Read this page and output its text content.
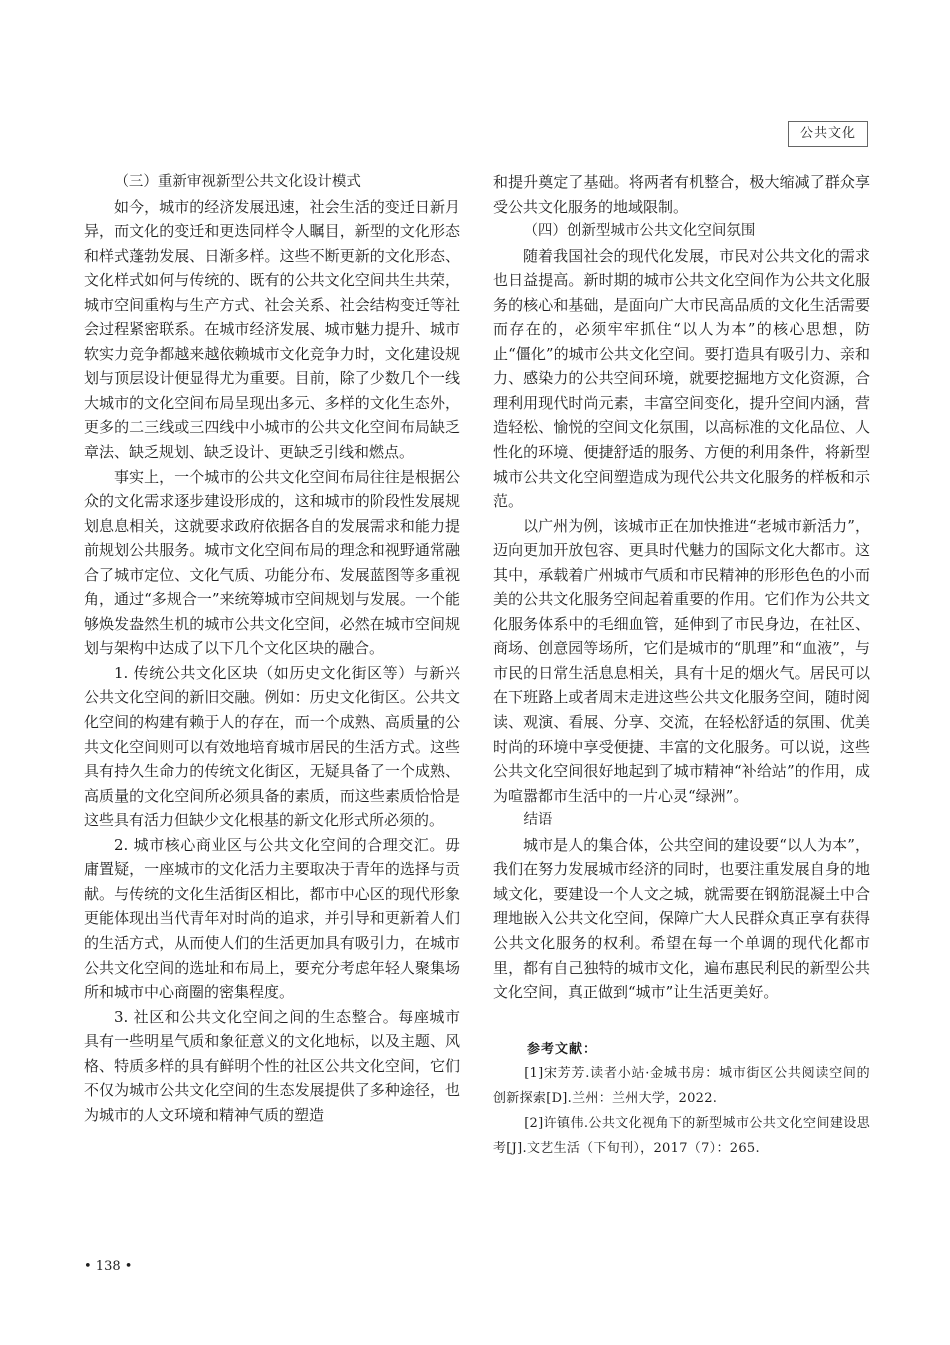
公共文化

（三）重新审视新型公共文化设计模式

如今，城市的经济发展迅速，社会生活的变迁日新月异，而文化的变迁和更迭同样令人瞩目，新型的文化形态和样式蓬勃发展、日渐多样。这些不断更新的文化形态、文化样式如何与传统的、既有的公共文化空间共生共荣，城市空间重构与生产方式、社会关系、社会结构变迁等社会过程紧密联系。在城市经济发展、城市魅力提升、城市软实力竞争都越来越依赖城市文化竞争力时，文化建设规划与顶层设计便显得尤为重要。目前，除了少数几个一线大城市的文化空间布局呈现出多元、多样的文化生态外，更多的二三线或三四线中小城市的公共文化空间布局缺乏章法、缺乏规划、缺乏设计、更缺乏引线和燃点。

事实上，一个城市的公共文化空间布局往往是根据公众的文化需求逐步建设形成的，这和城市的阶段性发展规划息息相关，这就要求政府依据各自的发展需求和能力提前规划公共服务。城市文化空间布局的理念和视野通常融合了城市定位、文化气质、功能分布、发展蓝图等多重视角，通过“多规合一”来统筹城市空间规划与发展。一个能够焕发盎然生机的城市公共文化空间，必然在城市空间规划与架构中达成了以下几个文化区块的融合。

1. 传统公共文化区块（如历史文化街区等）与新兴公共文化空间的新旧交融。例如：历史文化街区。公共文化空间的构建有赖于人的存在，而一个成熟、高质量的公共文化空间则可以有效地培育城市居民的生活方式。这些具有持久生命力的传统文化街区，无疑具备了一个成熟、高质量的文化空间所必须具备的素质，而这些素质恰恰是这些具有活力但缺少文化根基的新文化形式所必须的。

2. 城市核心商业区与公共文化空间的合理交汇。毋庸置疑，一座城市的文化活力主要取决于青年的选择与贡献。与传统的文化生活街区相比，都市中心区的现代形象更能体现出当代青年对时尚的追求，并引导和更新着人们的生活方式，从而使人们的生活更加具有吸引力，在城市公共文化空间的选址和布局上，要充分考虑年轻人聚集场所和城市中心商圈的密集程度。

3. 社区和公共文化空间之间的生态整合。每座城市具有一些明星气质和象征意义的文化地标，以及主题、风格、特质多样的具有鲜明个性的社区公共文化空间，它们不仅为城市公共文化空间的生态发展提供了多种途径，也为城市的人文环境和精神气质的塑造

和提升奠定了基础。将两者有机整合，极大缩减了群众享受公共文化服务的地域限制。

（四）创新型城市公共文化空间氛围

随着我国社会的现代化发展，市民对公共文化的需求也日益提高。新时期的城市公共文化空间作为公共文化服务的核心和基础，是面向广大市民高品质的文化生活需要而存在的，必须牢牢抓住“以人为本”的核心思想，防止“僵化”的城市公共文化空间。要打造具有吸引力、亲和力、感染力的公共空间环境，就要挖掘地方文化资源，合理利用现代时尚元素，丰富空间变化，提升空间内涵，营造轻松、愉悦的空间文化氛围，以高标准的文化品位、人性化的环境、便捷舒适的服务、方便的利用条件，将新型城市公共文化空间塑造成为现代公共文化服务的样板和示范。

以广州为例，该城市正在加快推进“老城市新活力”，迈向更加开放包容、更具时代魅力的国际文化大都市。这其中，承载着广州城市气质和市民精神的形形色色的小而美的公共文化服务空间起着重要的作用。它们作为公共文化服务体系中的毛细血管，延伸到了市民身边，在社区、商场、创意园等场所，它们是城市的“肌理”和“血液”，与市民的日常生活息息相关，具有十足的烟火气。居民可以在下班路上或者周末走进这些公共文化服务空间，随时阅读、观演、看展、分享、交流，在轻松舒适的氛围、优美时尚的环境中享受便捷、丰富的文化服务。可以说，这些公共文化空间很好地起到了城市精神“补给站”的作用，成为喧嚣都市生活中的一片心灵“绿洲”。

结语

城市是人的集合体，公共空间的建设要“以人为本”，我们在努力发展城市经济的同时，也要注重发展自身的地域文化，要建设一个人文之城，就需要在钢筋混凝土中合理地嵌入公共文化空间，保障广大人民群众真正享有获得公共文化服务的权利。希望在每一个单调的现代化都市里，都有自己独特的城市文化，遍布惠民利民的新型公共文化空间，真正做到“城市”让生活更美好。

参考文献：

[1]宋芳芳.读者小站·金城书房：城市街区公共阅读空间的创新探索[D].兰州：兰州大学，2022.

[2]许镇伟.公共文化视角下的新型城市公共文化空间建设思考[J].文艺生活（下旬刊），2017（7）：265.

• 138 •
